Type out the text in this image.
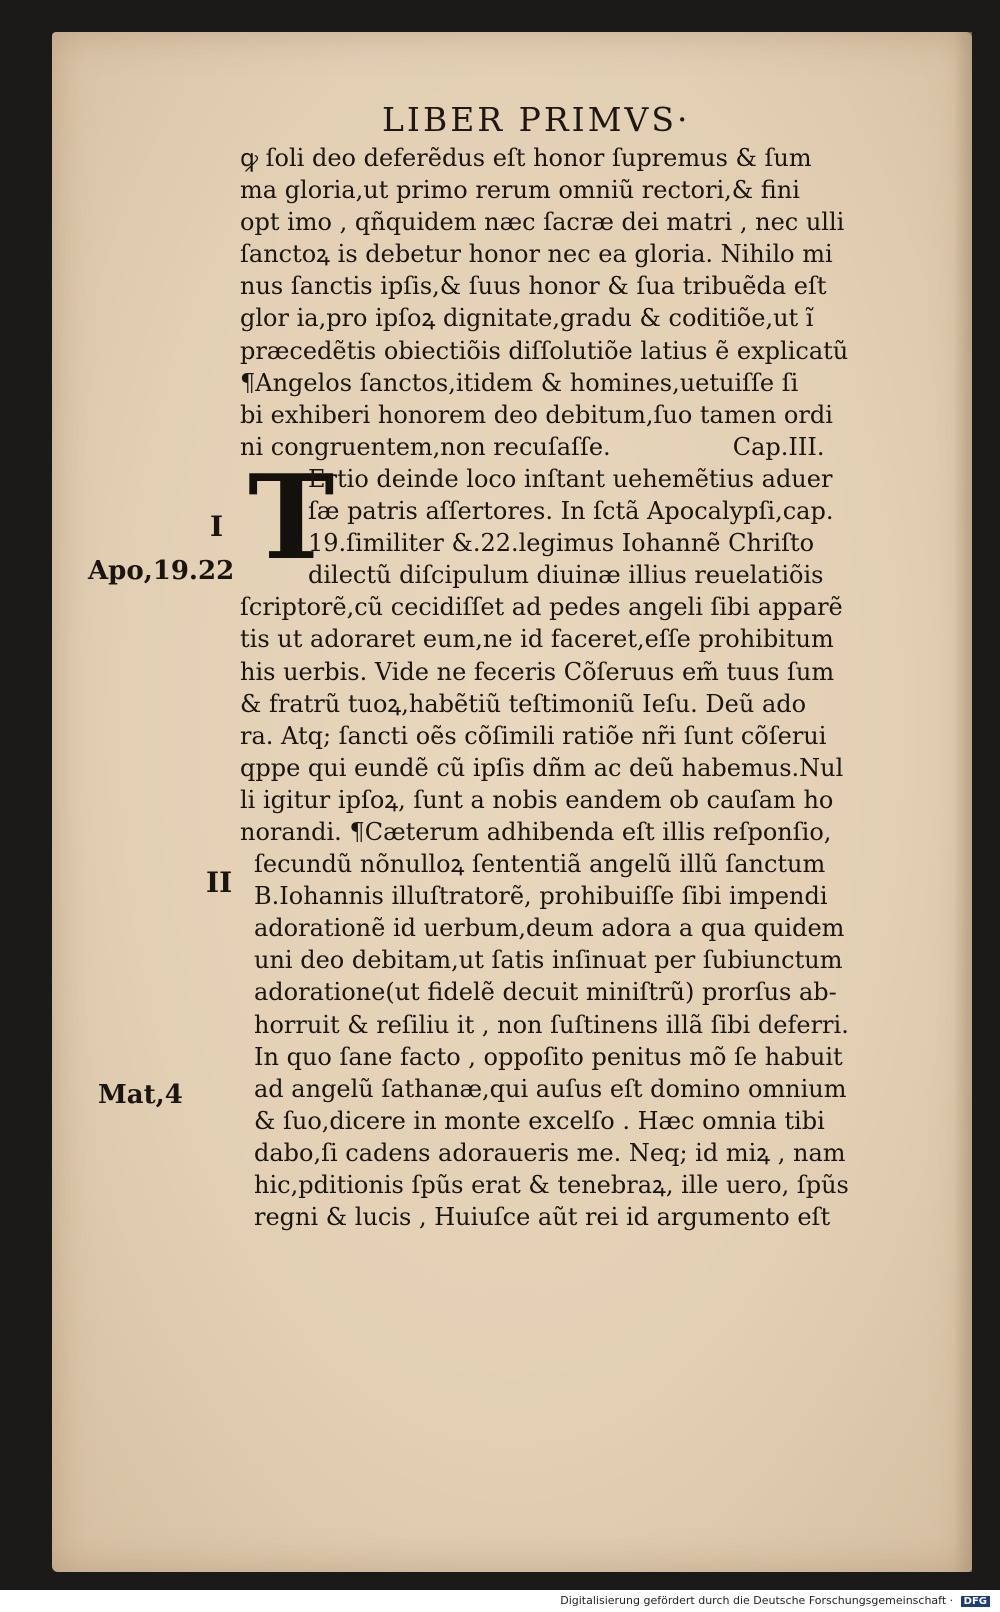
LIBER PRIMVS·
T
ꝙ ſoli deo deferẽdus eſt honor ſupremus & ſum
ma gloria,ut primo rerum omniũ rectori,& fini
opt imo , qñquidem næc ſacræ dei matri , nec ulli
ſanctoꝝ is debetur honor nec ea gloria. Nihilo mi
nus ſanctis ipſis,& ſuus honor & ſua tribuẽda eſt
glor ia,pro ipſoꝝ dignitate,gradu & coditiõe,ut ĩ
præcedẽtis obiectiõis diſſolutiõe latius ẽ explicatũ
¶Angelos ſanctos,itidem & homines,uetuiſſe ſi
bi exhiberi honorem deo debitum,ſuo tamen ordi
ni congruentem,non recuſaſſe.                Cap.III.
Ertio deinde loco inſtant uehemẽtius aduer
ſæ patris aſſertores. In ſctã Apocalypſi,cap.
19.ſimiliter &.22.legimus Iohannẽ Chriſto
dilectũ diſcipulum diuinæ illius reuelatiõis
ſcriptorẽ,cũ cecidiſſet ad pedes angeli ſibi apparẽ
tis ut adoraret eum,ne id faceret,eſſe prohibitum
his uerbis. Vide ne feceris Cõſeruus em̃ tuus ſum
& fratrũ tuoꝝ,habẽtiũ teſtimoniũ Ieſu. Deũ ado
ra. Atq; ſancti oẽs cõſimili ratiõe nr̃i ſunt cõſerui
qppe qui eundẽ cũ ipſis dñm ac deũ habemus.Nul
li igitur ipſoꝝ, ſunt a nobis eandem ob cauſam ho
norandi. ¶Cæterum adhibenda eſt illis reſponſio,
ſecundũ nõnulloꝝ ſententiã angelũ illũ ſanctum
B.Iohannis illuſtratorẽ, prohibuiſſe ſibi impendi
adorationẽ id uerbum,deum adora a qua quidem
uni deo debitam,ut ſatis inſinuat per ſubiunctum
adoratione(ut fidelẽ decuit miniſtrũ) prorſus ab-
horruit & reſiliu it , non ſuſtinens illã ſibi deferri.
In quo ſane facto , oppoſito penitus mõ ſe habuit
ad angelũ ſathanæ,qui auſus eſt domino omnium
& ſuo,dicere in monte excelſo . Hæc omnia tibi
dabo,ſi cadens adoraueris me. Neq; id miꝝ , nam
hic,pditionis ſpũs erat & tenebraꝝ, ille uero, ſpũs
regni & lucis , Huiuſce aũt rei id argumento eſt
I
Apo,19.22
II
Mat,4
Digitalisierung gefördert durch die Deutsche Forschungsgemeinschaft · DFG
